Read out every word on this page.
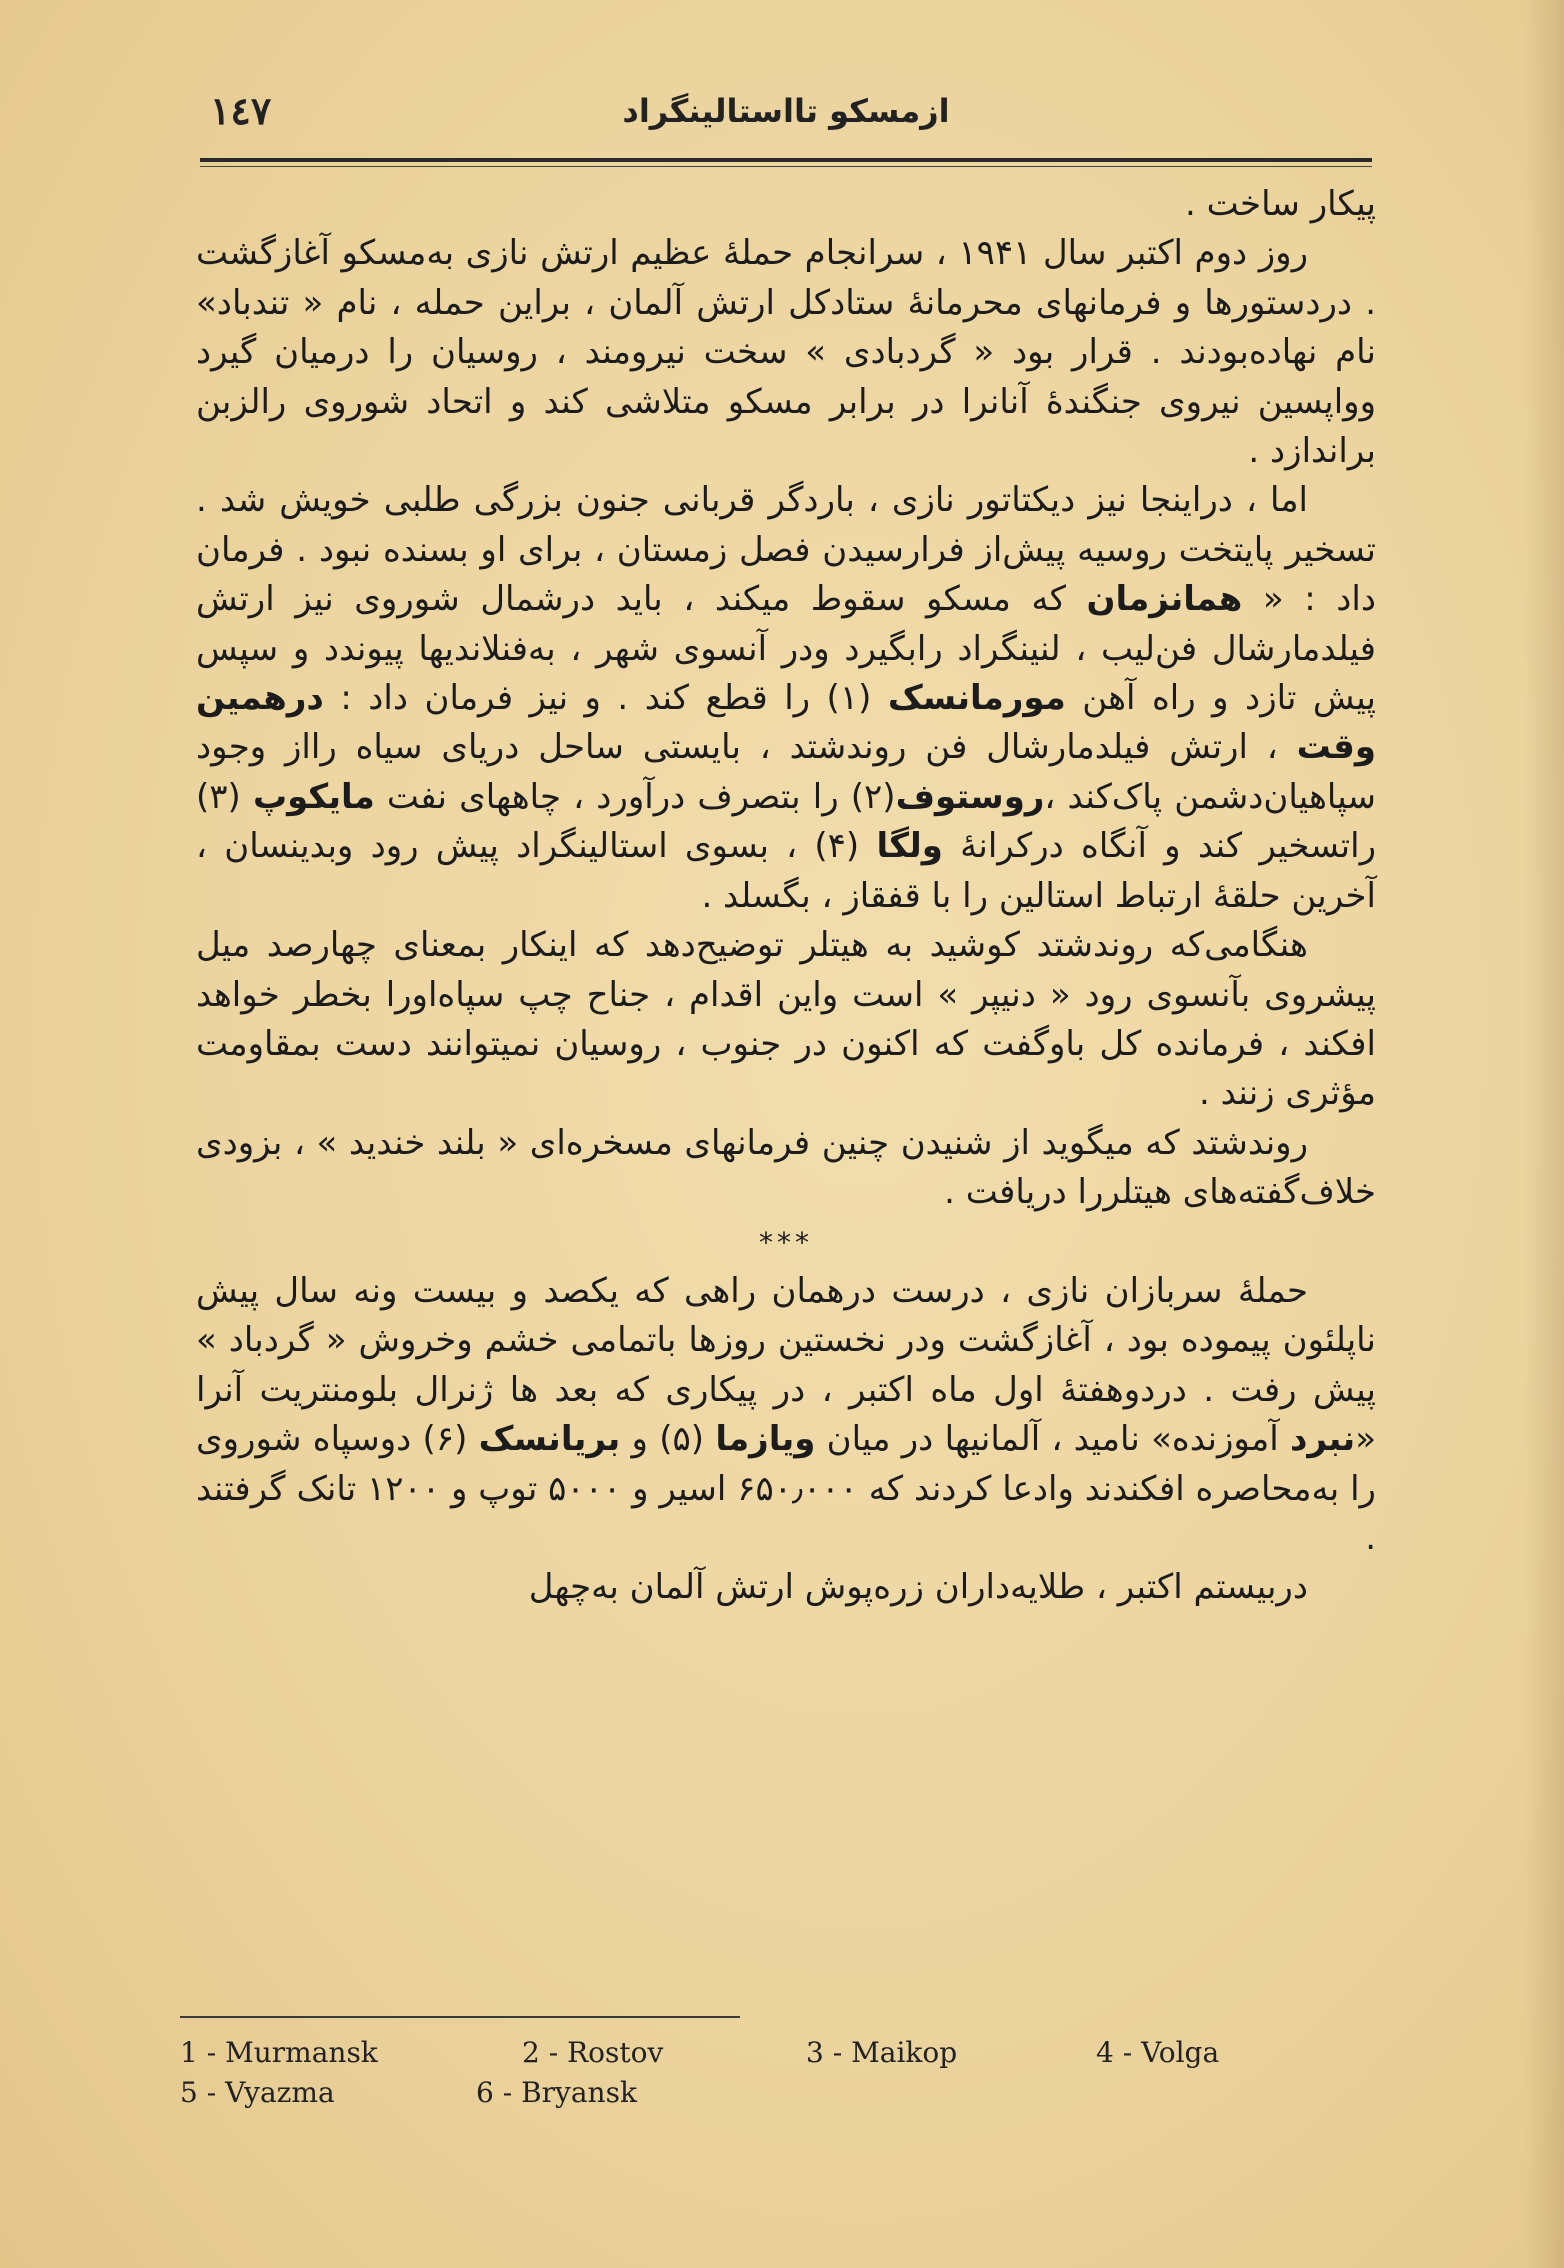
١٤٧	ازمسکو تااستالینگراد

پیکار ساخت .

روز دوم اکتبر سال ۱۹۴۱ ، سرانجام حملهٔ عظیم ارتش نازی به‌مسکو آغازگشت . دردستورها و فرمانهای محرمانهٔ ستادکل ارتش آلمان ، براین حمله ، نام « تندباد» نام نهاده‌بودند . قرار بود « گردبادی » سخت نیرومند ، روسیان را درمیان گیرد وواپسین نیروی جنگندهٔ آنانرا در برابر مسکو متلاشی کند و اتحاد شوروی رالزبن براندازد .

اما ، دراینجا نیز دیکتاتور نازی ، باردگر قربانی جنون بزرگی طلبی خویش شد . تسخیر پایتخت روسیه پیش‌از فرارسیدن فصل زمستان ، برای او بسنده نبود . فرمان داد : « همانزمان که مسکو سقوط میکند ، باید درشمال شوروی نیز ارتش فیلدمارشال فن‌لیب ، لنینگراد رابگیرد ودر آنسوی شهر ، به‌فنلاندیها پیوندد و سپس پیش تازد و راه آهن مورمانسک (۱) را قطع کند . و نیز فرمان داد : درهمین وقت ، ارتش فیلدمارشال فن روندشتد ، بایستی ساحل دریای سیاه رااز وجود سپاهیان‌دشمن پاک‌کند ،روستوف(۲) را بتصرف درآورد ، چاههای نفت مایکوپ (۳) راتسخیر کند و آنگاه درکرانهٔ ولگا (۴) ، بسوی استالینگراد پیش رود وبدینسان ، آخرین حلقهٔ ارتباط استالین را با قفقاز ، بگسلد .

هنگامی‌که روندشتد کوشید به هیتلر توضیح‌دهد که اینکار بمعنای چهارصد میل پیشروی بآنسوی رود « دنیپر » است واین اقدام ، جناح چپ سپاه‌اورا بخطر خواهد افکند ، فرمانده کل باوگفت که اکنون در جنوب ، روسیان نمیتوانند دست بمقاومت مؤثری زنند .

روندشتد که میگوید از شنیدن چنین فرمانهای مسخره‌ای « بلند خندید » ، بزودی خلاف‌گفته‌های هیتلررا دریافت .

***

حملهٔ سربازان نازی ، درست درهمان راهی که یکصد و بیست ونه سال پیش ناپلئون پیموده بود ، آغازگشت ودر نخستین روزها باتمامی خشم وخروش « گردباد » پیش رفت . دردوهفتهٔ اول ماه اکتبر ، در پیکاری که بعد ها ژنرال بلومنتریت آنرا «نبرد آموزنده» نامید ، آلمانیها در میان ویازما (۵) و بریانسک (۶) دوسپاه شوروی را به‌محاصره افکندند وادعا کردند که ۶۵۰٫۰۰۰ اسیر و ۵۰۰۰ توپ و ۱۲۰۰ تانک گرفتند .

دربیستم اکتبر ، طلایه‌داران زره‌پوش ارتش آلمان به‌چهل

1 - Murmansk	2 - Rostov	3 - Maikop	4 - Volga
5 - Vyazma	6 - Bryansk
